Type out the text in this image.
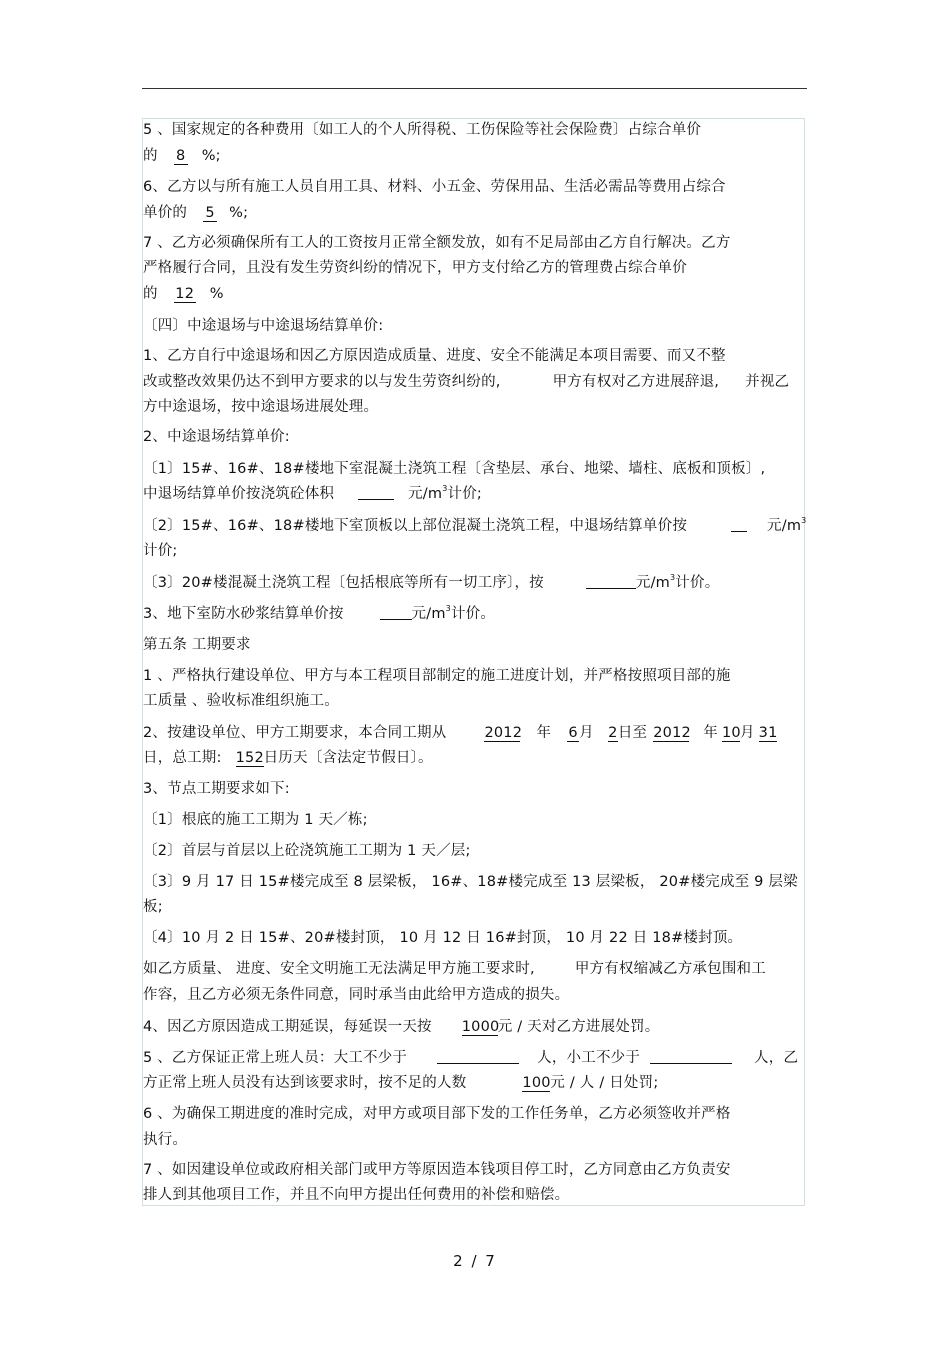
5 、国家规定的各种费用〔如工人的个人所得税、工伤保险等社会保险费〕占综合单价
的 8 %;
6、乙方以与所有施工人员自用工具、材料、小五金、劳保用品、生活必需品等费用占综合
单价的 5 %;
7 、乙方必须确保所有工人的工资按月正常全额发放，如有不足局部由乙方自行解决。乙方
严格履行合同，且没有发生劳资纠纷的情况下，甲方支付给乙方的管理费占综合单价
的 12 %
〔四〕中途退场与中途退场结算单价:
1、乙方自行中途退场和因乙方原因造成质量、进度、安全不能满足本项目需要、而又不整
改或整改效果仍达不到甲方要求的以与发生劳资纠纷的,	甲方有权对乙方进展辞退, 并视乙
方中途退场，按中途退场进展处理。
2、中途退场结算单价:
〔1〕15#、16#、18#楼地下室混凝土浇筑工程〔含垫层、承台、地梁、墙柱、底板和顶板〕,
中退场结算单价按浇筑砼体积	元$/m^3$计价;
〔2〕15#、16#、18#楼地下室顶板以上部位混凝土浇筑工程，中退场结算单价按	元$/m^3$
计价;
〔3〕20#楼混凝土浇筑工程〔包括根底等所有一切工序〕，按	元$/m^3$计价。
3、地下室防水砂浆结算单价按	元$/m^3$计价。
第五条 工期要求
1 、严格执行建设单位、甲方与本工程项目部制定的施工进度计划，并严格按照项目部的施
工质量 、验收标准组织施工。
2、按建设单位、甲方工期要求，本合同工期从	2012 年 6月 2日至 2012 年 10月 31
日，总工期: 152日历天〔含法定节假日〕。
3、节点工期要求如下:
〔1〕根底的施工工期为 1 天／栋;
〔2〕首层与首层以上砼浇筑施工工期为 1 天／层;
〔3〕9 月 17 日 15#楼完成至 8 层梁板， 16#、18#楼完成至 13 层梁板， 20#楼完成至 9 层梁
板;
〔4〕10 月 2 日 15#、20#楼封顶， 10 月 12 日 16#封顶， 10 月 22 日 18#楼封顶。
如乙方质量、 进度、安全文明施工无法满足甲方施工要求时,	甲方有权缩减乙方承包围和工
作容，且乙方必须无条件同意，同时承当由此给甲方造成的损失。
4、因乙方原因造成工期延误，每延误一天按 1000元 / 天对乙方进展处罚。
5 、乙方保证正常上班人员：大工不少于	人，小工不少于	人，乙
方正常上班人员没有达到该要求时，按不足的人数	100元 / 人 / 日处罚;
6 、为确保工期进度的准时完成，对甲方或项目部下发的工作任务单，乙方必须签收并严格
执行。
7 、如因建设单位或政府相关部门或甲方等原因造本钱项目停工时，乙方同意由乙方负责安
排人到其他项目工作，并且不向甲方提出任何费用的补偿和赔偿。
2 / 7
